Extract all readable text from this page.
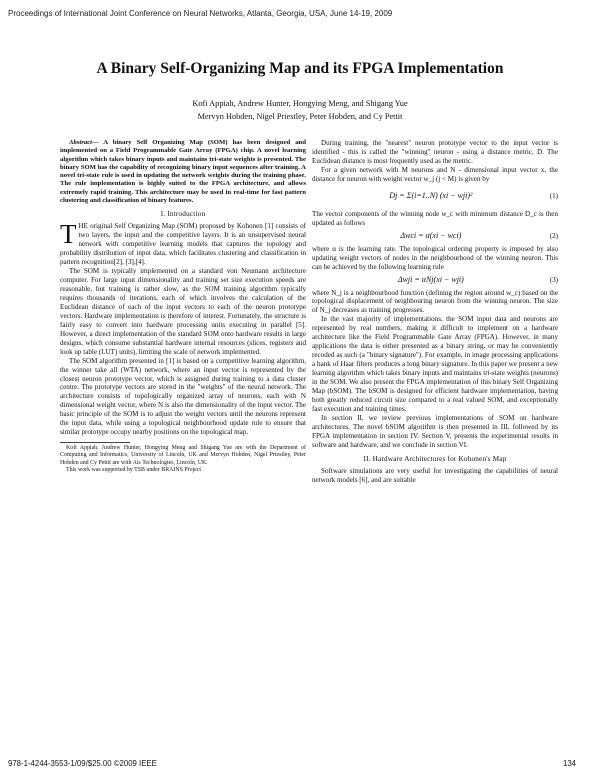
Proceedings of International Joint Conference on Neural Networks, Atlanta, Georgia, USA, June 14-19, 2009
A Binary Self-Organizing Map and its FPGA Implementation
Kofi Appiah, Andrew Hunter, Hongying Meng, and Shigang Yue
Mervyn Hobden, Nigel Priestley, Peter Hobden, and Cy Pettit

Abstract— A binary Self Organizing Map (SOM) has been designed and implemented on a Field Programmable Gate Array (FPGA) chip. A novel learning algorithm which takes binary inputs and maintains tri-state weights is presented. The binary SOM has the capability of recognizing binary input sequences after training. A novel tri-state rule is used in updating the network weights during the training phase. The rule implementation is highly suited to the FPGA architecture, and allows extremely rapid training. This architecture may be used in real-time for fast pattern clustering and classification of binary features.

I. Introduction

THE original Self Organizing Map (SOM) proposed by Kohonen [1] consists of two layers, the input and the competitive layers. It is an unsupervised neural network with competitive learning models that captures the topology and probability distribution of input data, which facilitates clustering and classification in pattern recognition[2], [3],[4].

The SOM is typically implemented on a standard von Neumann architecture computer. For large input dimensionality and training set size execution speeds are reasonable, but training is rather slow, as the SOM training algorithm typically requires thousands of iterations, each of which involves the calculation of the Euclidean distance of each of the input vectors to each of the neuron prototype vectors. Hardware implementation is therefore of interest. Fortunately, the structure is fairly easy to convert into hardware processing units executing in parallel [5]. However, a direct implementation of the standard SOM onto hardware results in large designs, which consume substantial hardware internal resources (slices, registers and look up table (LUT) units), limiting the scale of network implemented.

The SOM algorithm presented in [1] is based on a competitive learning algorithm, the winner take all (WTA) network, where an input vector is represented by the closest neuron prototype vector, which is assigned during training to a data cluster centre. The prototype vectors are stored in the "weights" of the neural network. The architecture consists of topologically organized array of neurons, each with N dimensional weight vector, where N is also the dimensionality of the input vector. The basic principle of the SOM is to adjust the weight vectors until the neurons represent the input data, while using a topological neighbourhood update rule to ensure that similar prototype occupy nearby positions on the topological map.

Kofi Appiah, Andrew Hunter, Hongying Meng and Shigang Yue are with the Department of Computing and Informatics, University of Lincoln, UK and Mervyn Hobden, Nigel Priestley, Peter Hobden and Cy Pettit are with Ais Technologies, Lincoln, UK.

This work was supported by TSB under BRAINS Project

During training, the "nearest" neuron prototype vector to the input vector is identified - this is called the "winning" neuron - using a distance metric, D. The Euclidean distance is most frequently used as the metric.

For a given network with M neurons and N - dimensional input vector x, the distance for neuron with weight vector w_j (j < M) is given by

Dj = Σ(i=1..N) (xi − wji)²	(1)

The vector components of the winning node w_c with minimum distance D_c is then updated as follows

Δwci = α(xi − wci)	(2)

where α is the learning rate. The topological ordering property is imposed by also updating weight vectors of nodes in the neighbourhood of the winning neuron. This can be achieved by the following learning rule

Δwji = αNj(xi − wji)	(3)

where N_j is a neighbourhood function (defining the region around w_c) based on the topological displacement of neighbouring neuron from the winning neuron. The size of N_j decreases as training progresses.

In the vast majority of implementations, the SOM input data and neurons are represented by real numbers, making it difficult to implement on a hardware architecture like the Field Programmable Gate Array (FPGA). However, in many applications the data is either presented as a binary string, or may be conveniently recoded as such (a "binary signature"). For example, in image processing applications a bank of Haar filters produces a long binary signature. In this paper we present a new learning algorithm which takes binary inputs and maintains tri-state weights (neurons) in the SOM. We also present the FPGA implementation of this binary Self Organizing Map (bSOM). The bSOM is designed for efficient hardware implementation, having both greatly reduced circuit size compared to a real valued SOM, and exceptionally fast execution and training times.

In section II, we review previous implementations of SOM on hardware architectures. The novel bSOM algorithm is then presented in III, followed by its FPGA implementation in section IV. Section V, presents the experimental results in software and hardware, and we conclude in section VI.

II. Hardware Architectures for Kohonen's Map

Software simulations are very useful for investigating the capabilities of neural network models [6], and are suitable

978-1-4244-3553-1/09/$25.00 ©2009 IEEE	134
